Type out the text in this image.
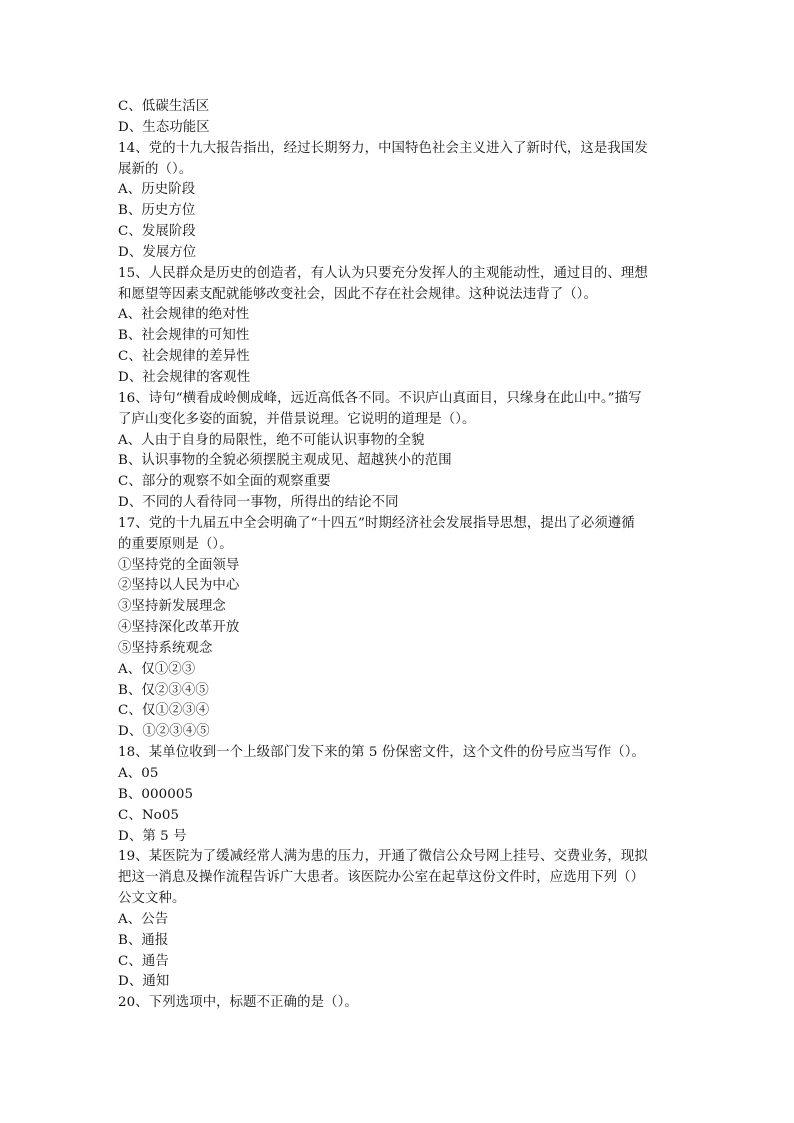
C、低碳生活区
D、生态功能区
14、党的十九大报告指出，经过长期努力，中国特色社会主义进入了新时代，这是我国发
展新的（）。
A、历史阶段
B、历史方位
C、发展阶段
D、发展方位
15、人民群众是历史的创造者，有人认为只要充分发挥人的主观能动性，通过目的、理想
和愿望等因素支配就能够改变社会，因此不存在社会规律。这种说法违背了（）。
A、社会规律的绝对性
B、社会规律的可知性
C、社会规律的差异性
D、社会规律的客观性
16、诗句“横看成岭侧成峰，远近高低各不同。不识庐山真面目，只缘身在此山中。”描写
了庐山变化多姿的面貌，并借景说理。它说明的道理是（）。
A、人由于自身的局限性，绝不可能认识事物的全貌
B、认识事物的全貌必须摆脱主观成见、超越狭小的范围
C、部分的观察不如全面的观察重要
D、不同的人看待同一事物，所得出的结论不同
17、党的十九届五中全会明确了“十四五”时期经济社会发展指导思想，提出了必须遵循
的重要原则是（）。
①坚持党的全面领导
②坚持以人民为中心
③坚持新发展理念
④坚持深化改革开放
⑤坚持系统观念
A、仅①②③
B、仅②③④⑤
C、仅①②③④
D、①②③④⑤
18、某单位收到一个上级部门发下来的第 5 份保密文件，这个文件的份号应当写作（）。
A、05
B、000005
C、No05
D、第 5 号
19、某医院为了缓减经常人满为患的压力，开通了微信公众号网上挂号、交费业务，现拟
把这一消息及操作流程告诉广大患者。该医院办公室在起草这份文件时，应选用下列（）
公文文种。
A、公告
B、通报
C、通告
D、通知
20、下列选项中，标题不正确的是（）。
